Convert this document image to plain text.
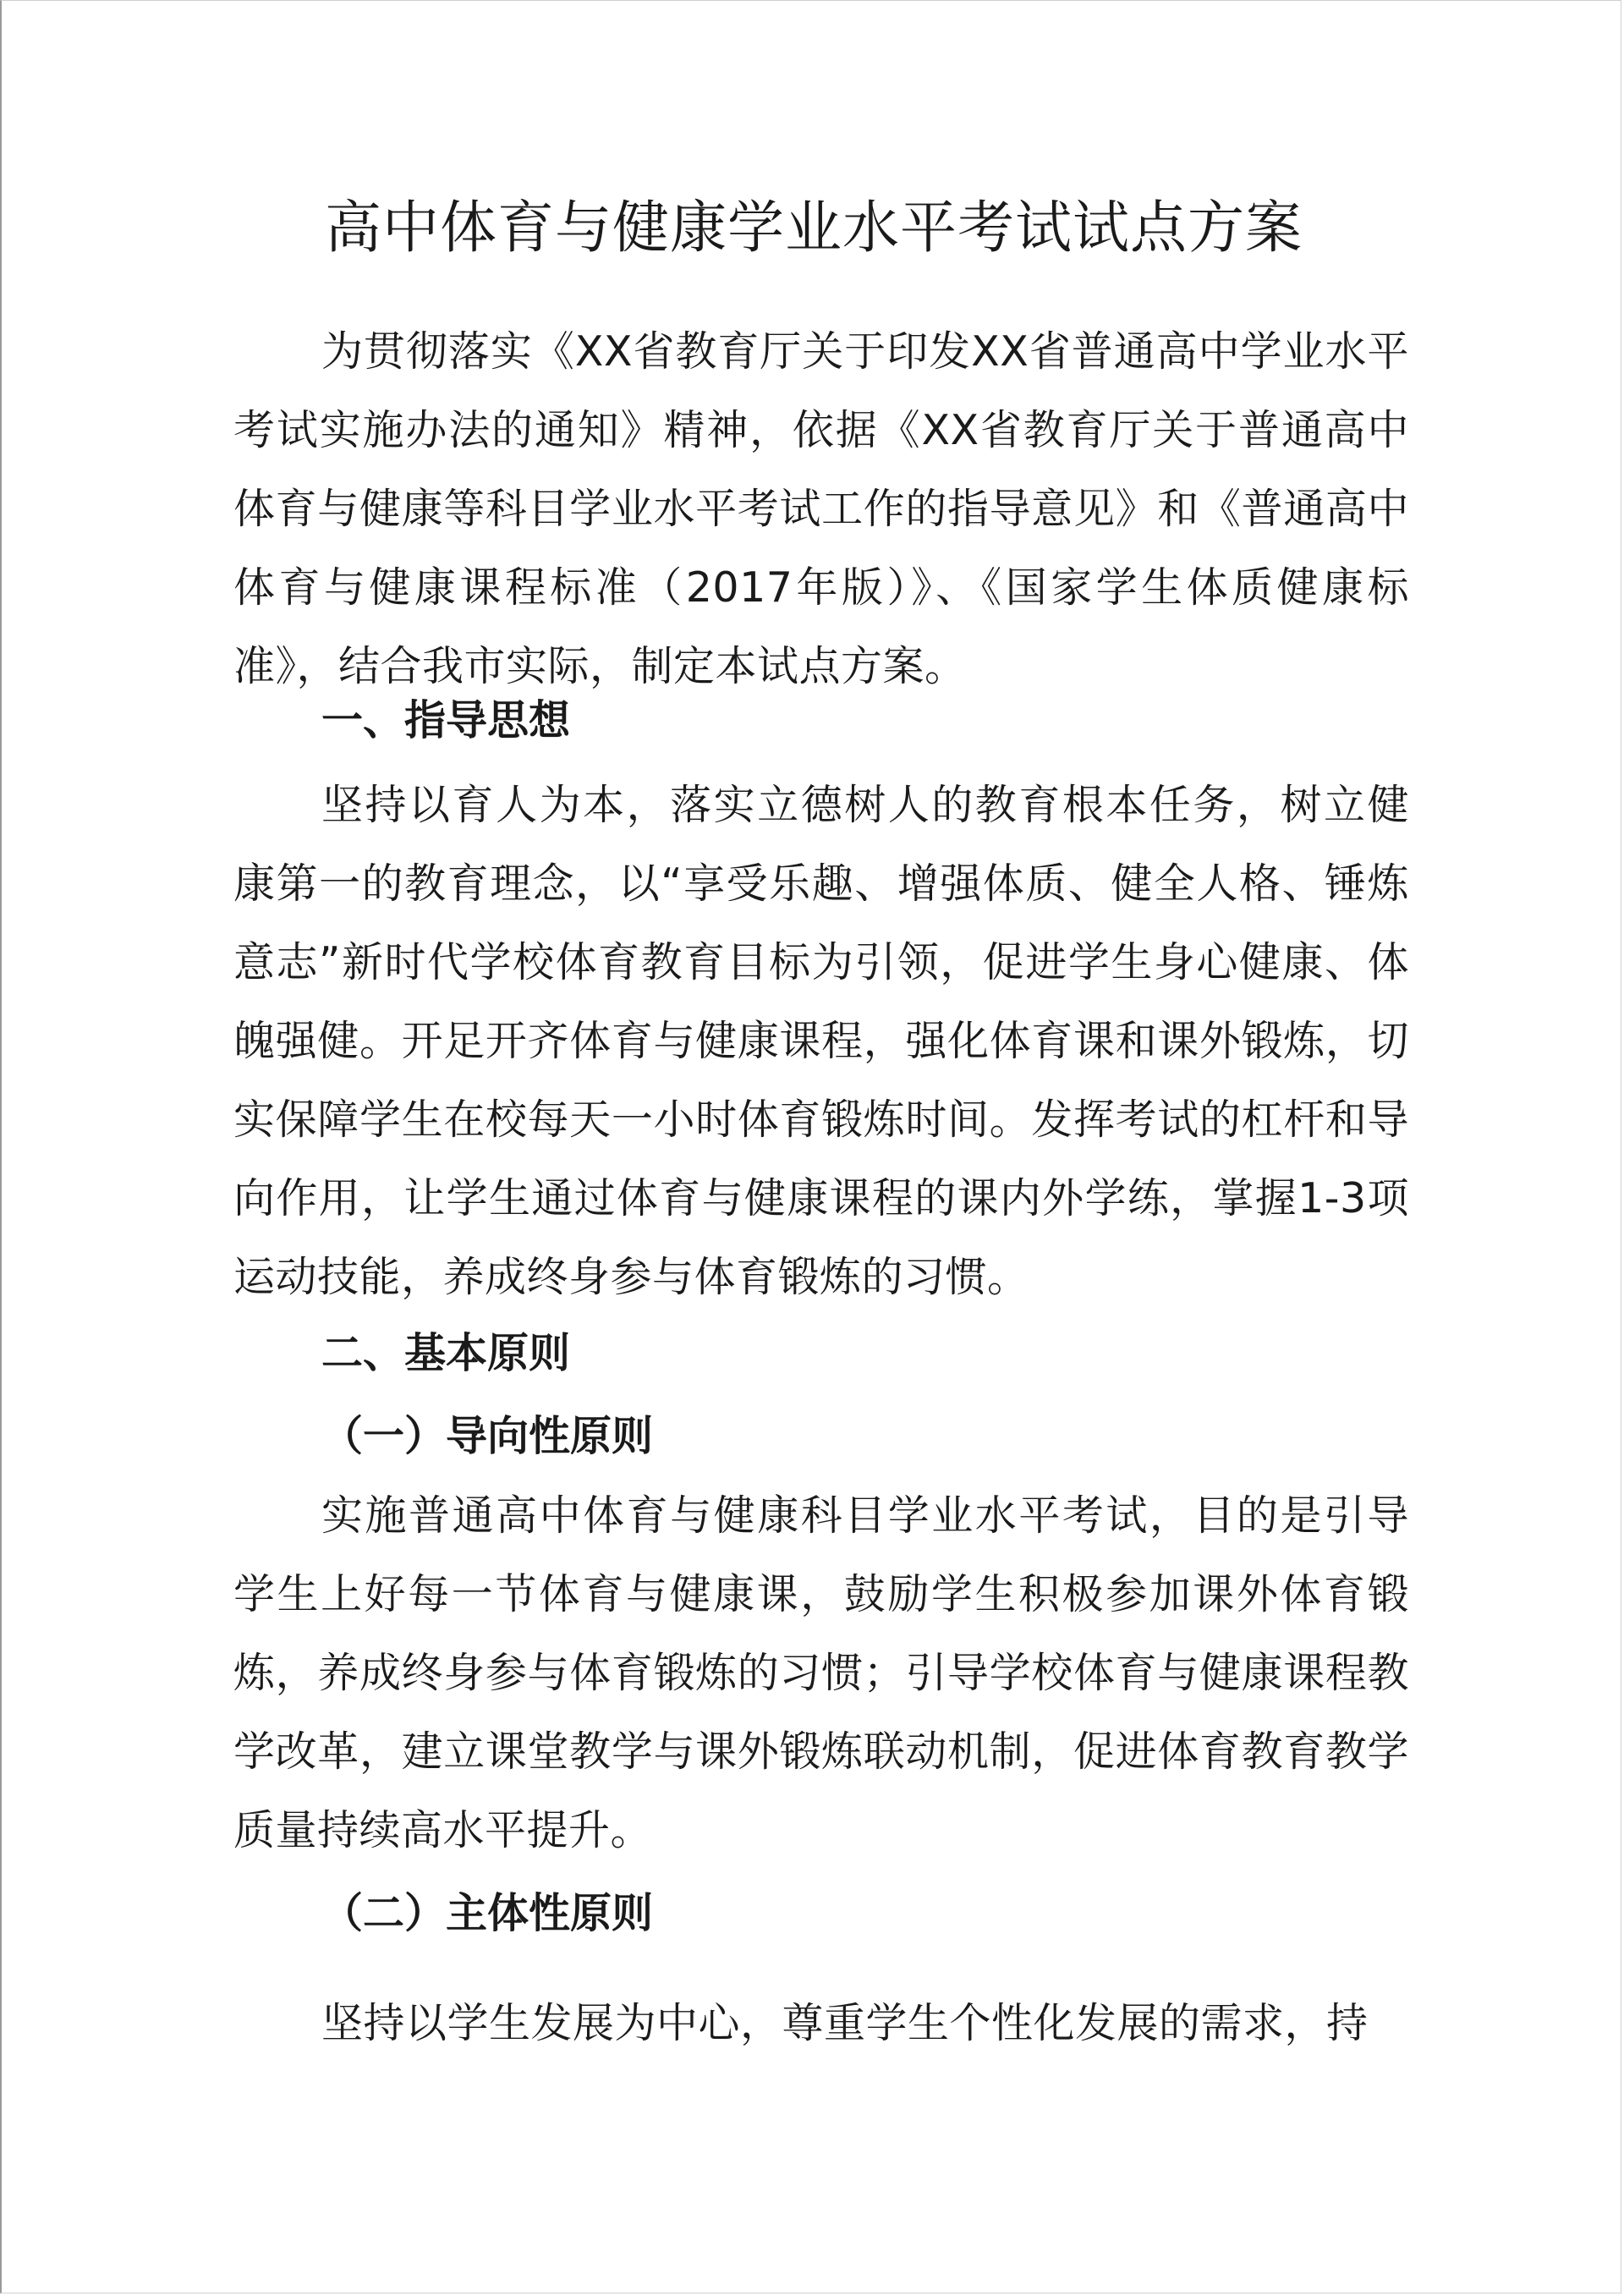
高中体育与健康学业水平考试试点方案

为贯彻落实《XX省教育厅关于印发XX省普通高中学业水平考试实施办法的通知》精神，依据《XX省教育厅关于普通高中体育与健康等科目学业水平考试工作的指导意见》和《普通高中体育与健康课程标准（2017年版）》、《国家学生体质健康标准》，结合我市实际，制定本试点方案。

一、指导思想

坚持以育人为本，落实立德树人的教育根本任务，树立健康第一的教育理念，以“享受乐趣、增强体质、健全人格、锤炼意志”新时代学校体育教育目标为引领，促进学生身心健康、体魄强健。开足开齐体育与健康课程，强化体育课和课外锻炼，切实保障学生在校每天一小时体育锻炼时间。发挥考试的杠杆和导向作用，让学生通过体育与健康课程的课内外学练，掌握1-3项运动技能，养成终身参与体育锻炼的习惯。

二、基本原则
（一）导向性原则

实施普通高中体育与健康科目学业水平考试，目的是引导学生上好每一节体育与健康课，鼓励学生积极参加课外体育锻炼，养成终身参与体育锻炼的习惯；引导学校体育与健康课程教学改革，建立课堂教学与课外锻炼联动机制，促进体育教育教学质量持续高水平提升。

（二）主体性原则

坚持以学生发展为中心，尊重学生个性化发展的需求，持
